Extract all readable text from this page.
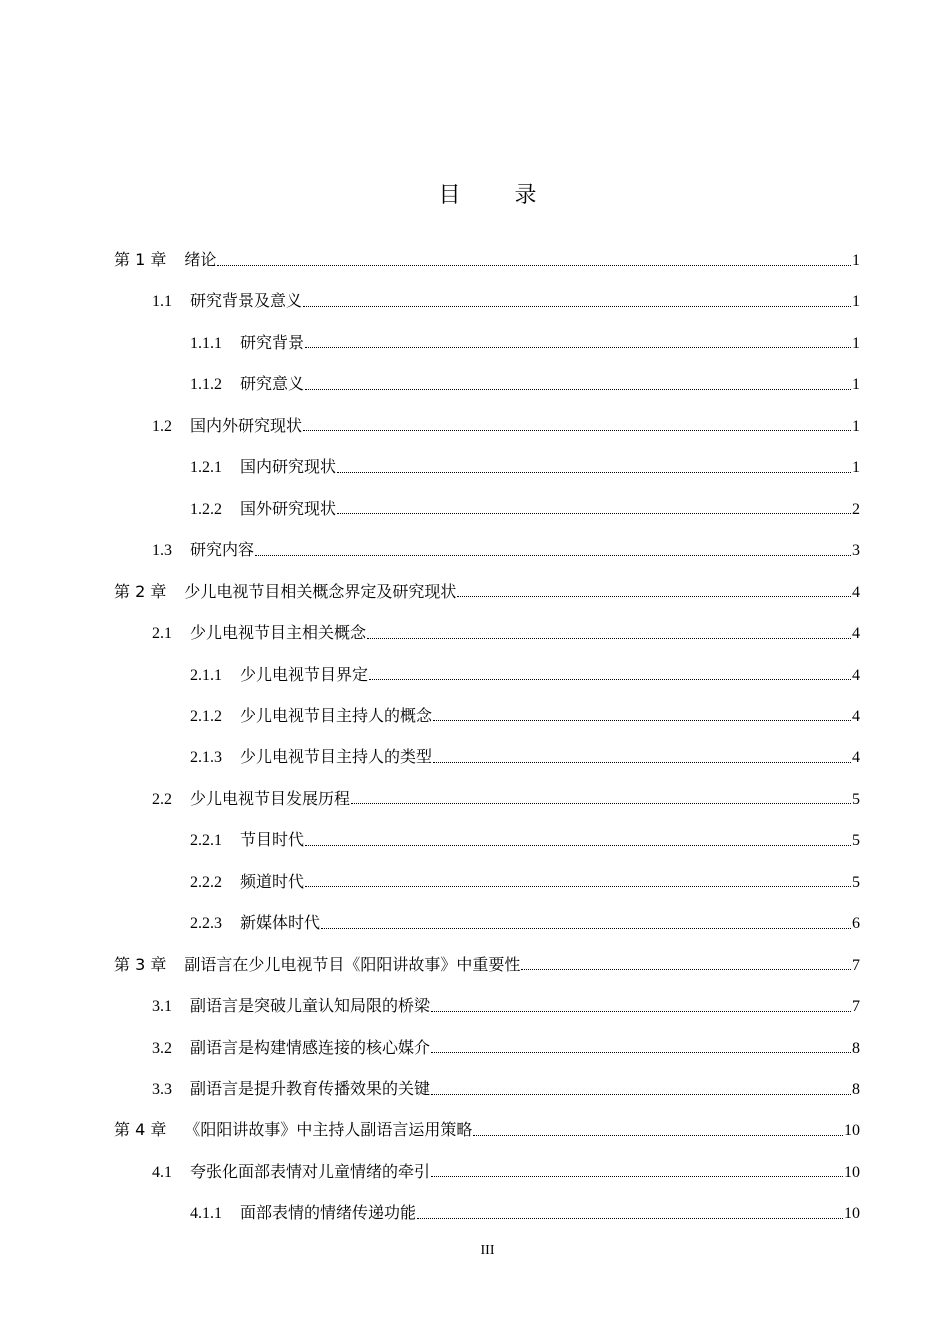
目 录
第 1 章 绪论	1
1.1 研究背景及意义	1
1.1.1 研究背景	1
1.1.2 研究意义	1
1.2 国内外研究现状	1
1.2.1 国内研究现状	1
1.2.2 国外研究现状	2
1.3 研究内容	3
第 2 章 少儿电视节目相关概念界定及研究现状	4
2.1 少儿电视节目主相关概念	4
2.1.1 少儿电视节目界定	4
2.1.2 少儿电视节目主持人的概念	4
2.1.3 少儿电视节目主持人的类型	4
2.2 少儿电视节目发展历程	5
2.2.1 节目时代	5
2.2.2 频道时代	5
2.2.3 新媒体时代	6
第 3 章 副语言在少儿电视节目《阳阳讲故事》中重要性	7
3.1 副语言是突破儿童认知局限的桥梁	7
3.2 副语言是构建情感连接的核心媒介	8
3.3 副语言是提升教育传播效果的关键	8
第 4 章 《阳阳讲故事》中主持人副语言运用策略	10
4.1 夸张化面部表情对儿童情绪的牵引	10
4.1.1 面部表情的情绪传递功能	10
III
